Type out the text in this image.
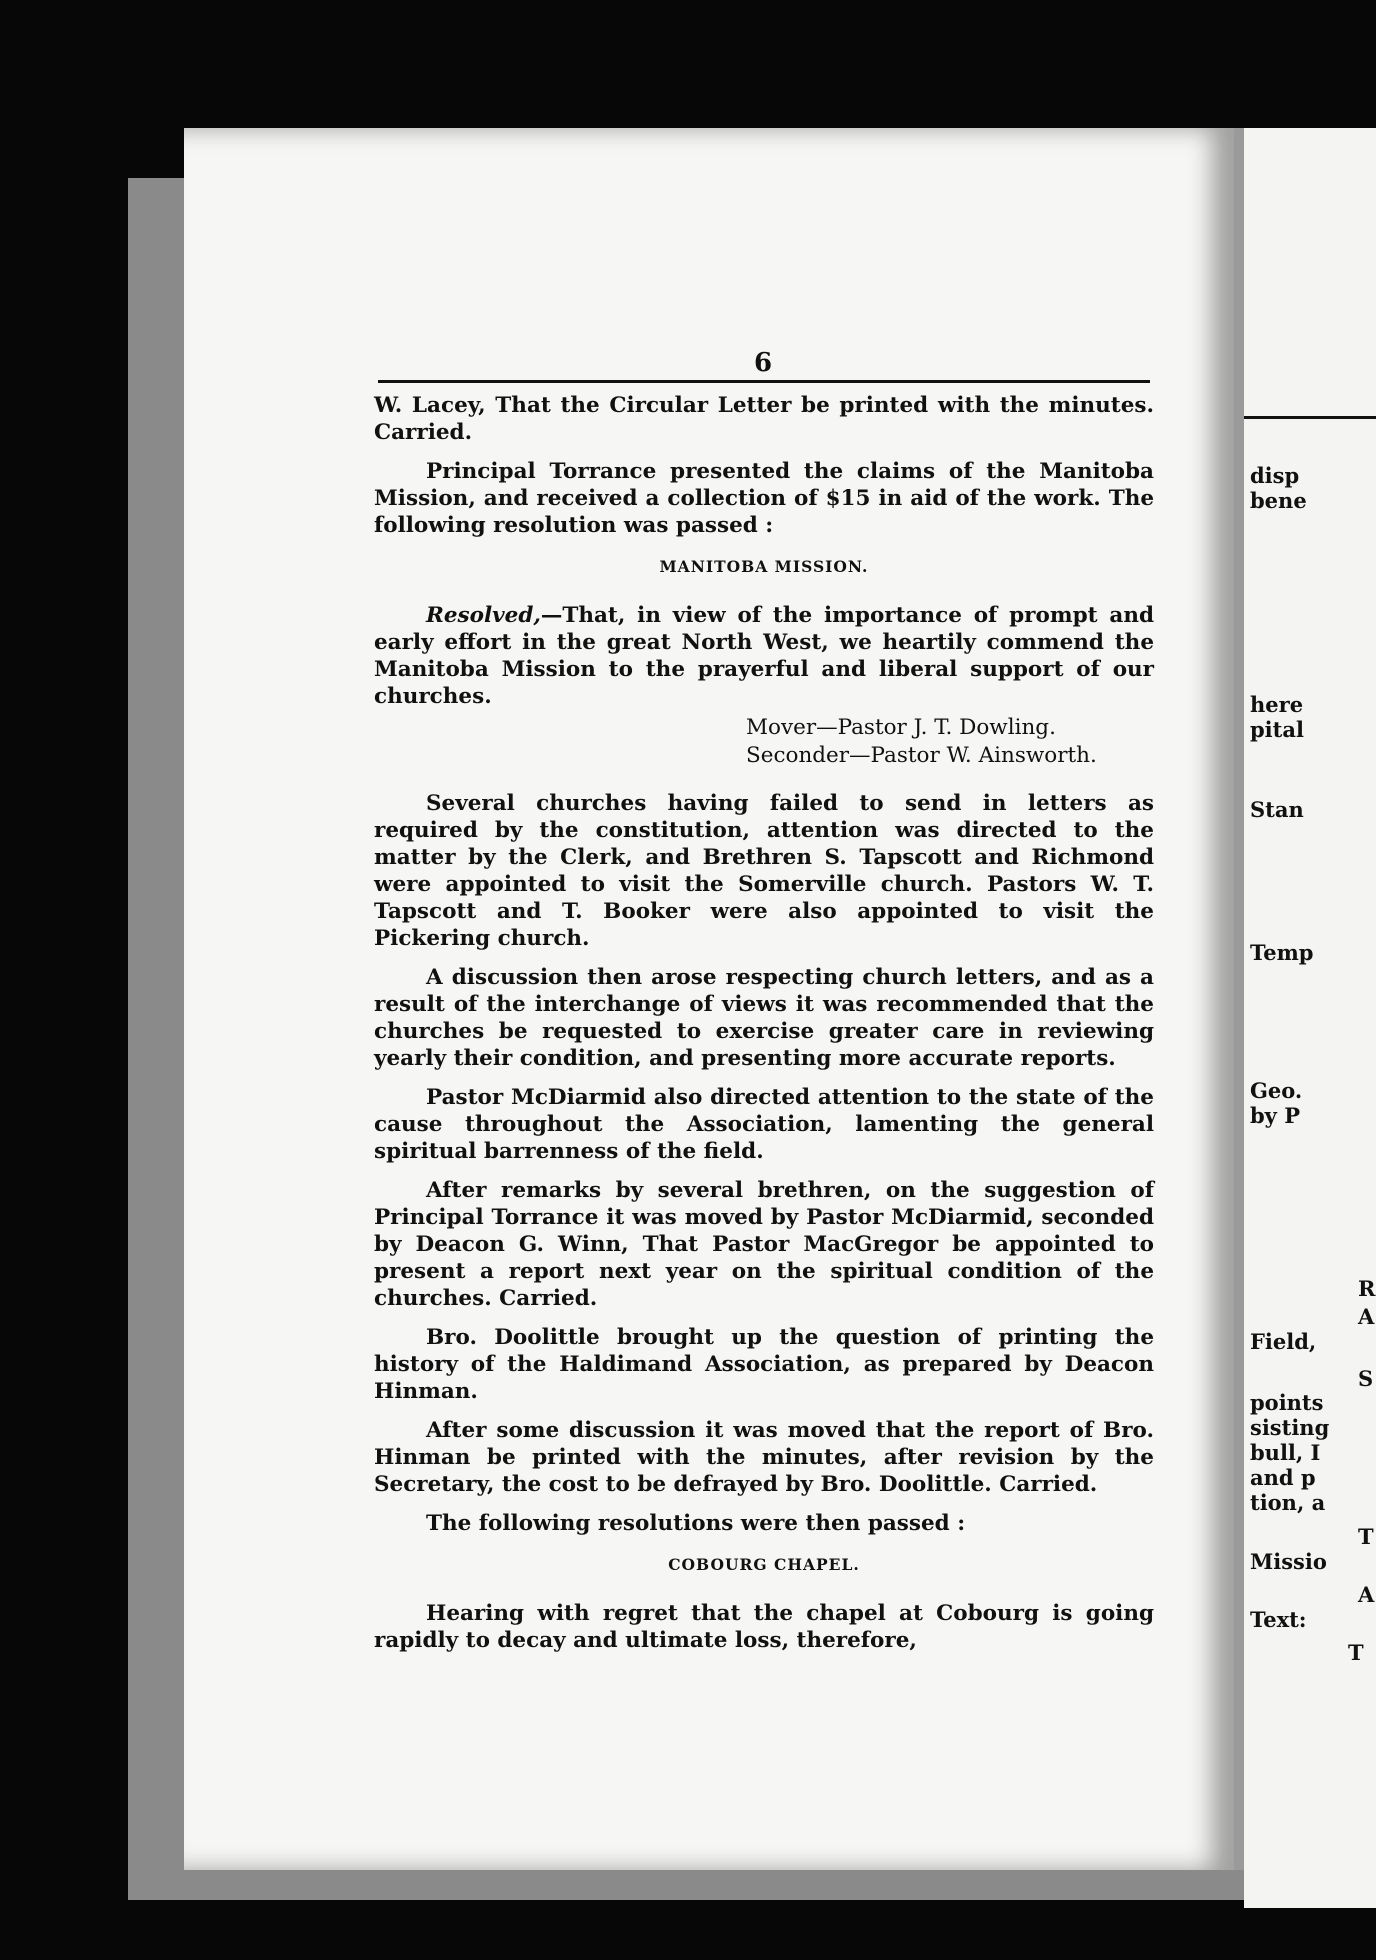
disp
bene
here
pital
Stan
Temp
Geo.
by P
R
A
Field,
S
points
sisting
bull, I
and p
tion, a
T
Missio
A
Text:
T
6

W. Lacey, That the Circular Letter be printed with the minutes. Carried.

Principal Torrance presented the claims of the Manitoba Mission, and received a collection of $15 in aid of the work. The following resolution was passed :

MANITOBA MISSION.

Resolved,—That, in view of the importance of prompt and early effort in the great North West, we heartily commend the Manitoba Mission to the prayerful and liberal support of our churches.

Mover—Pastor J. T. Dowling.
Seconder—Pastor W. Ainsworth.

Several churches having failed to send in letters as required by the constitution, attention was directed to the matter by the Clerk, and Brethren S. Tapscott and Richmond were appointed to visit the Somerville church. Pastors W. T. Tapscott and T. Booker were also appointed to visit the Pickering church.

A discussion then arose respecting church letters, and as a result of the interchange of views it was recommended that the churches be requested to exercise greater care in reviewing yearly their condition, and presenting more accurate reports.

Pastor McDiarmid also directed attention to the state of the cause throughout the Association, lamenting the general spiritual barrenness of the field.

After remarks by several brethren, on the suggestion of Principal Torrance it was moved by Pastor McDiarmid, seconded by Deacon G. Winn, That Pastor MacGregor be appointed to present a report next year on the spiritual condition of the churches. Carried.

Bro. Doolittle brought up the question of printing the history of the Haldimand Association, as prepared by Deacon Hinman.

After some discussion it was moved that the report of Bro. Hinman be printed with the minutes, after revision by the Secretary, the cost to be defrayed by Bro. Doolittle. Carried.

The following resolutions were then passed :

COBOURG CHAPEL.

Hearing with regret that the chapel at Cobourg is going rapidly to decay and ultimate loss, therefore,
